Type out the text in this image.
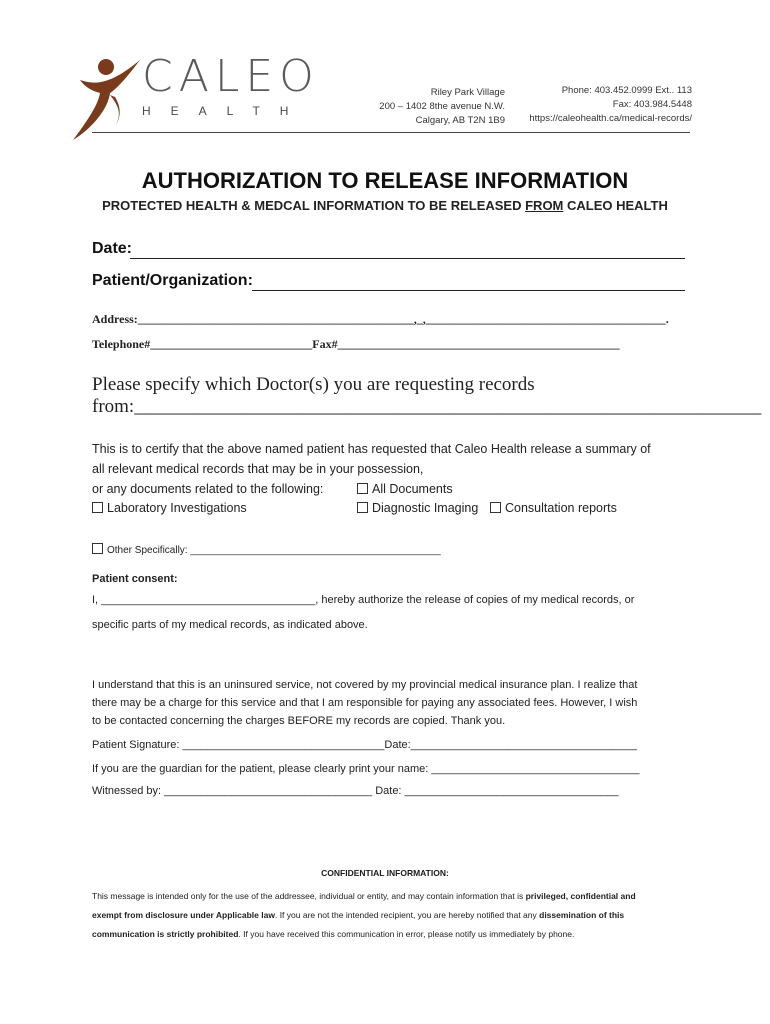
CALEO
HEALTH
Riley Park Village
200 – 1402 8the avenue N.W.
Calgary, AB T2N 1B9
Phone: 403.452.0999 Ext.. 113
Fax: 403.984.5448
https://caleohealth.ca/medical-records/
AUTHORIZATION TO RELEASE INFORMATION
PROTECTED HEALTH & MEDCAL INFORMATION TO BE RELEASED FROM CALEO HEALTH
Date:
Patient/Organization:
Address:______________________________________________,_,________________________________________.
Telephone#___________________________Fax#_______________________________________________
Please specify which Doctor(s) you are requesting records
from:__________________________________________________________________
This is to certify that the above named patient has requested that Caleo Health release a summary of
all relevant medical records that may be in your possession,
or any documents related to the following:	All Documents
Laboratory Investigations	Diagnostic Imaging	Consultation reports
Other Specifically: _____________________________________________
Patient consent:
I, ___________________________________, hereby authorize the release of copies of my medical records, or
specific parts of my medical records, as indicated above.
I understand that this is an uninsured service, not covered by my provincial medical insurance plan. I realize that
there may be a charge for this service and that I am responsible for paying any associated fees. However, I wish
to be contacted concerning the charges BEFORE my records are copied. Thank you.
Patient Signature: _________________________________Date:_____________________________________
If you are the guardian for the patient, please clearly print your name: __________________________________
Witnessed by: __________________________________ Date: ___________________________________
CONFIDENTIAL INFORMATION:
This message is intended only for the use of the addressee, individual or entity, and may contain information that is privileged, confidential and
exempt from disclosure under Applicable law. If you are not the intended recipient, you are hereby notified that any dissemination of this
communication is strictly prohibited. If you have received this communication in error, please notify us immediately by phone.
